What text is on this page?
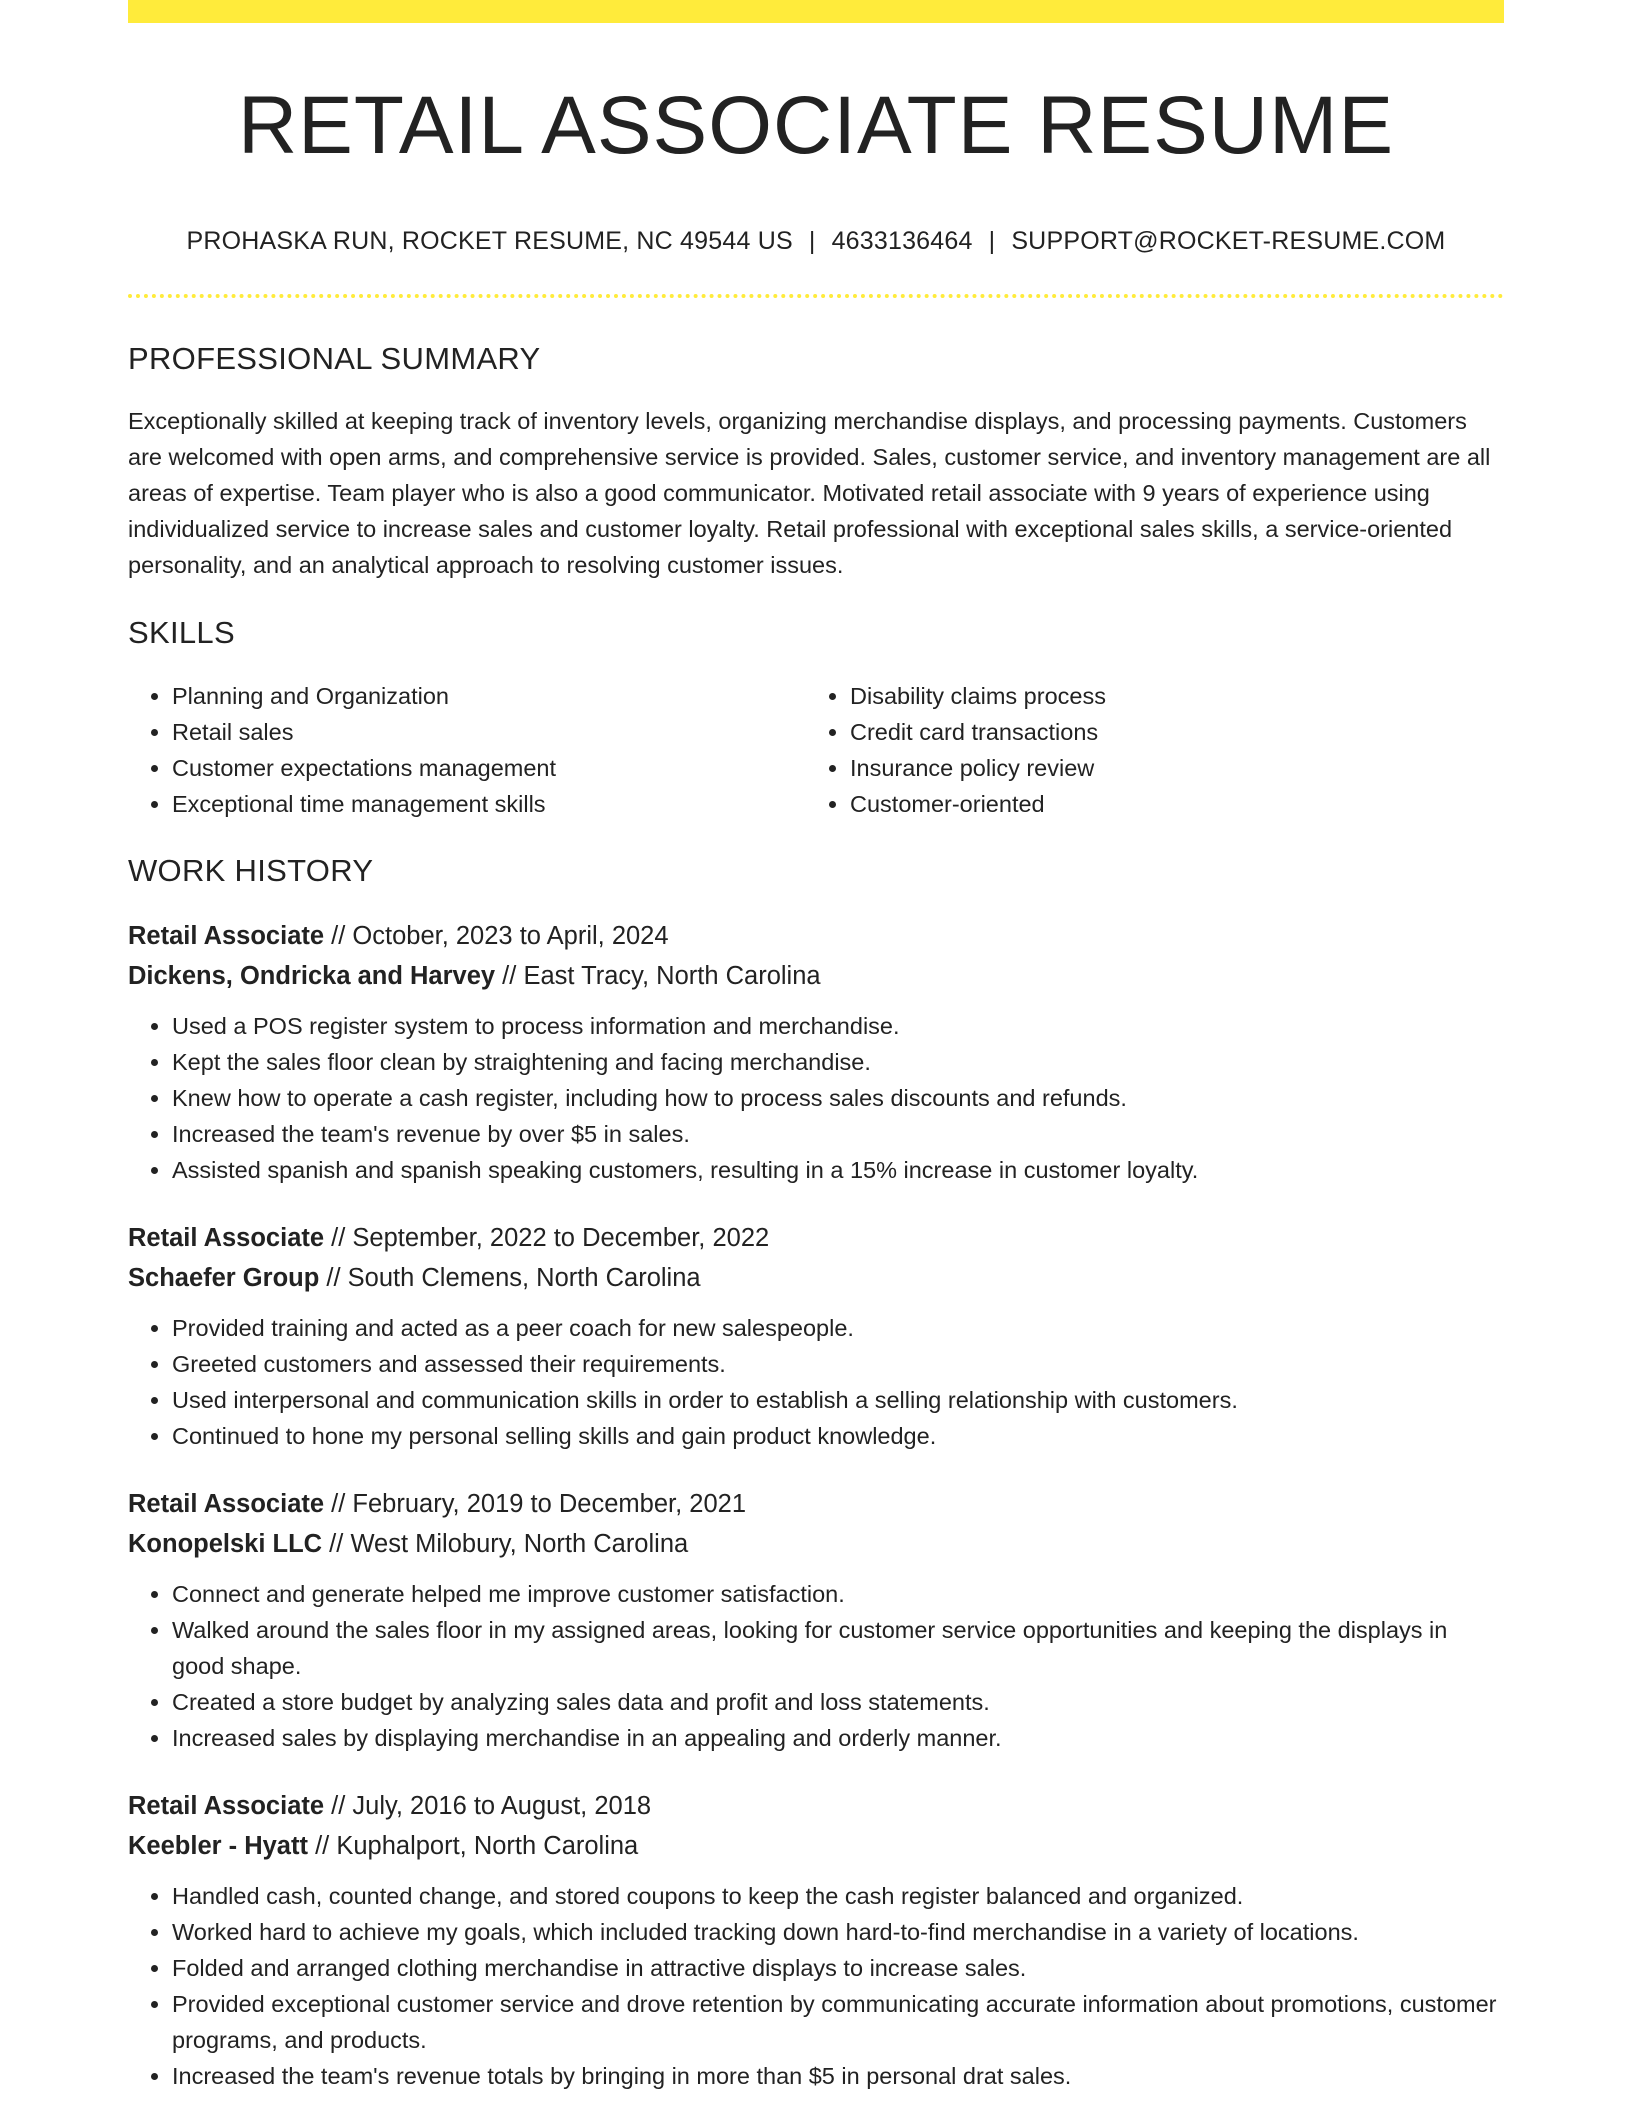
RETAIL ASSOCIATE RESUME
PROHASKA RUN, ROCKET RESUME, NC 49544 US | 4633136464 | SUPPORT@ROCKET-RESUME.COM
PROFESSIONAL SUMMARY

Exceptionally skilled at keeping track of inventory levels, organizing merchandise displays, and processing payments. Customers are welcomed with open arms, and comprehensive service is provided. Sales, customer service, and inventory management are all areas of expertise. Team player who is also a good communicator. Motivated retail associate with 9 years of experience using individualized service to increase sales and customer loyalty. Retail professional with exceptional sales skills, a service-oriented personality, and an analytical approach to resolving customer issues.

SKILLS
• Planning and Organization
• Retail sales
• Customer expectations management
• Exceptional time management skills
• Disability claims process
• Credit card transactions
• Insurance policy review
• Customer-oriented
WORK HISTORY
Retail Associate // October, 2023 to April, 2024
Dickens, Ondricka and Harvey // East Tracy, North Carolina
• Used a POS register system to process information and merchandise.
• Kept the sales floor clean by straightening and facing merchandise.
• Knew how to operate a cash register, including how to process sales discounts and refunds.
• Increased the team's revenue by over $5 in sales.
• Assisted spanish and spanish speaking customers, resulting in a 15% increase in customer loyalty.
Retail Associate // September, 2022 to December, 2022
Schaefer Group // South Clemens, North Carolina
• Provided training and acted as a peer coach for new salespeople.
• Greeted customers and assessed their requirements.
• Used interpersonal and communication skills in order to establish a selling relationship with customers.
• Continued to hone my personal selling skills and gain product knowledge.
Retail Associate // February, 2019 to December, 2021
Konopelski LLC // West Milobury, North Carolina
• Connect and generate helped me improve customer satisfaction.
• Walked around the sales floor in my assigned areas, looking for customer service opportunities and keeping the displays in good shape.
• Created a store budget by analyzing sales data and profit and loss statements.
• Increased sales by displaying merchandise in an appealing and orderly manner.
Retail Associate // July, 2016 to August, 2018
Keebler - Hyatt // Kuphalport, North Carolina
• Handled cash, counted change, and stored coupons to keep the cash register balanced and organized.
• Worked hard to achieve my goals, which included tracking down hard-to-find merchandise in a variety of locations.
• Folded and arranged clothing merchandise in attractive displays to increase sales.
• Provided exceptional customer service and drove retention by communicating accurate information about promotions, customer programs, and products.
• Increased the team's revenue totals by bringing in more than $5 in personal drat sales.
